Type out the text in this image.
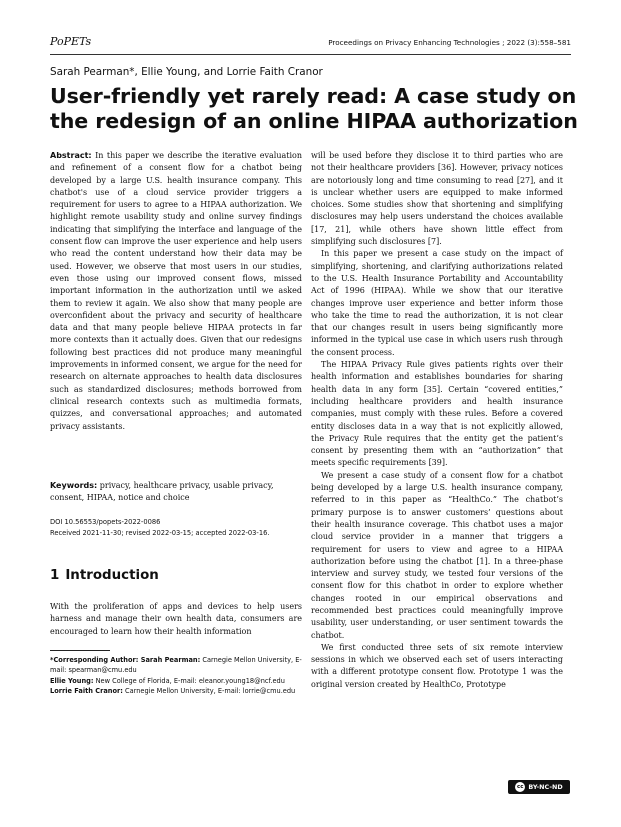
PoPETs	Proceedings on Privacy Enhancing Technologies ; 2022 (3):558–581
Sarah Pearman*, Ellie Young, and Lorrie Faith Cranor
User-friendly yet rarely read: A case study on
the redesign of an online HIPAA authorization

Abstract: In this paper we describe the iterative evaluation and refinement of a consent flow for a chatbot being developed by a large U.S. health insurance company. This chatbot's use of a cloud service provider triggers a requirement for users to agree to a HIPAA authorization. We highlight remote usability study and online survey findings indicating that simplifying the interface and language of the consent flow can improve the user experience and help users who read the content understand how their data may be used. However, we observe that most users in our studies, even those using our improved consent flows, missed important information in the authorization until we asked them to review it again. We also show that many people are overconfident about the privacy and security of healthcare data and that many people believe HIPAA protects in far more contexts than it actually does. Given that our redesigns following best practices did not produce many meaningful improvements in informed consent, we argue for the need for research on alternate approaches to health data disclosures such as standardized disclosures; methods borrowed from clinical research contexts such as multimedia formats, quizzes, and conversational approaches; and automated privacy assistants.

Keywords: privacy, healthcare privacy, usable privacy, consent, HIPAA, notice and choice
DOI 10.56553/popets-2022-0086
Received 2021-11-30; revised 2022-03-15; accepted 2022-03-16.
1 Introduction

With the proliferation of apps and devices to help users harness and manage their own health data, consumers are encouraged to learn how their health information

*Corresponding Author: Sarah Pearman: Carnegie Mellon University, E-mail: spearman@cmu.edu
Ellie Young: New College of Florida, E-mail: eleanor.young18@ncf.edu
Lorrie Faith Cranor: Carnegie Mellon University, E-mail: lorrie@cmu.edu

will be used before they disclose it to third parties who are not their healthcare providers [36]. However, privacy notices are notoriously long and time consuming to read [27], and it is unclear whether users are equipped to make informed choices. Some studies show that shortening and simplifying disclosures may help users understand the choices available [17, 21], while others have shown little effect from simplifying such disclosures [7].

In this paper we present a case study on the impact of simplifying, shortening, and clarifying authorizations related to the U.S. Health Insurance Portability and Accountability Act of 1996 (HIPAA). While we show that our iterative changes improve user experience and better inform those who take the time to read the authorization, it is not clear that our changes result in users being significantly more informed in the typical use case in which users rush through the consent process.

The HIPAA Privacy Rule gives patients rights over their health information and establishes boundaries for sharing health data in any form [35]. Certain “covered entities,” including healthcare providers and health insurance companies, must comply with these rules. Before a covered entity discloses data in a way that is not explicitly allowed, the Privacy Rule requires that the entity get the patient’s consent by presenting them with an “authorization” that meets specific requirements [39].

We present a case study of a consent flow for a chatbot being developed by a large U.S. health insurance company, referred to in this paper as “HealthCo.” The chatbot’s primary purpose is to answer customers’ questions about their health insurance coverage. This chatbot uses a major cloud service provider in a manner that triggers a requirement for users to view and agree to a HIPAA authorization before using the chatbot [1]. In a three-phase interview and survey study, we tested four versions of the consent flow for this chatbot in order to explore whether changes rooted in our empirical observations and recommended best practices could meaningfully improve usability, user understanding, or user sentiment towards the chatbot.

We first conducted three sets of six remote interview sessions in which we observed each set of users interacting with a different prototype consent flow. Prototype 1 was the original version created by HealthCo, Prototype

cc BY-NC-ND
